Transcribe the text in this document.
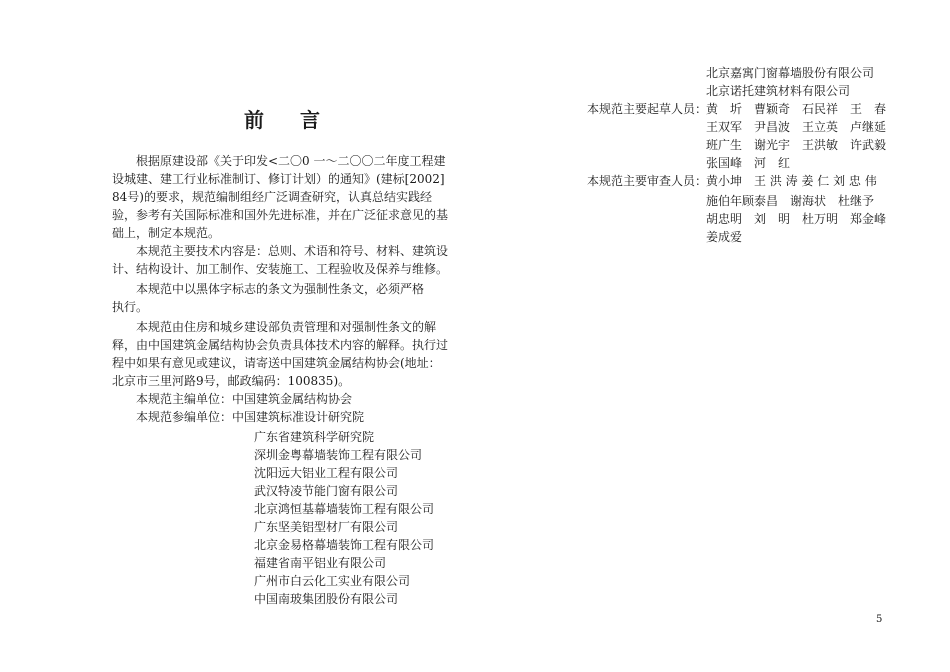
前 言
　　根据原建设部《关于印发<二〇0 一～二〇〇二年度工程建
设城建、建工行业标准制订、修订计划）的通知》(建标[2002]
84号)的要求，规范编制组经广泛调查研究，认真总结实践经
验，参考有关国际标准和国外先进标准，并在广泛征求意见的基
础上，制定本规范。
　　本规范主要技术内容是：总则、术语和符号、材料、建筑设
计、结构设计、加工制作、安装施工、工程验收及保养与维修。
　　本规范中以黑体字标志的条文为强制性条文，必须严格
执行。
　　本规范由住房和城乡建设部负责管理和对强制性条文的解
释，由中国建筑金属结构协会负责具体技术内容的解释。执行过
程中如果有意见或建议，请寄送中国建筑金属结构协会(地址：
北京市三里河路9号，邮政编码：100835)。
　　本规范主编单位：中国建筑金属结构协会
　　本规范参编单位：中国建筑标准设计研究院
广东省建筑科学研究院
深圳金粤幕墙装饰工程有限公司
沈阳远大铝业工程有限公司
武汉特凌节能门窗有限公司
北京鸿恒基幕墙装饰工程有限公司
广东坚美铝型材厂有限公司
北京金易格幕墙装饰工程有限公司
福建省南平铝业有限公司
广州市白云化工实业有限公司
中国南玻集团股份有限公司
北京嘉寓门窗幕墙股份有限公司
北京诺托建筑材料有限公司
本规范主要起草人员：
黄　圻　曹颖奇　石民祥　王　春
王双军　尹昌波　王立英　卢继延
班广生　谢光宇　王洪敏　许武毅
张国峰　河　红
本规范主要审查人员：
黄小坤　王 洪 涛 姜 仁 刘 忠 伟
施伯年顾泰昌　谢海状　杜继予
胡忠明　刘　明　杜万明　郑金峰
姜成爱
5
